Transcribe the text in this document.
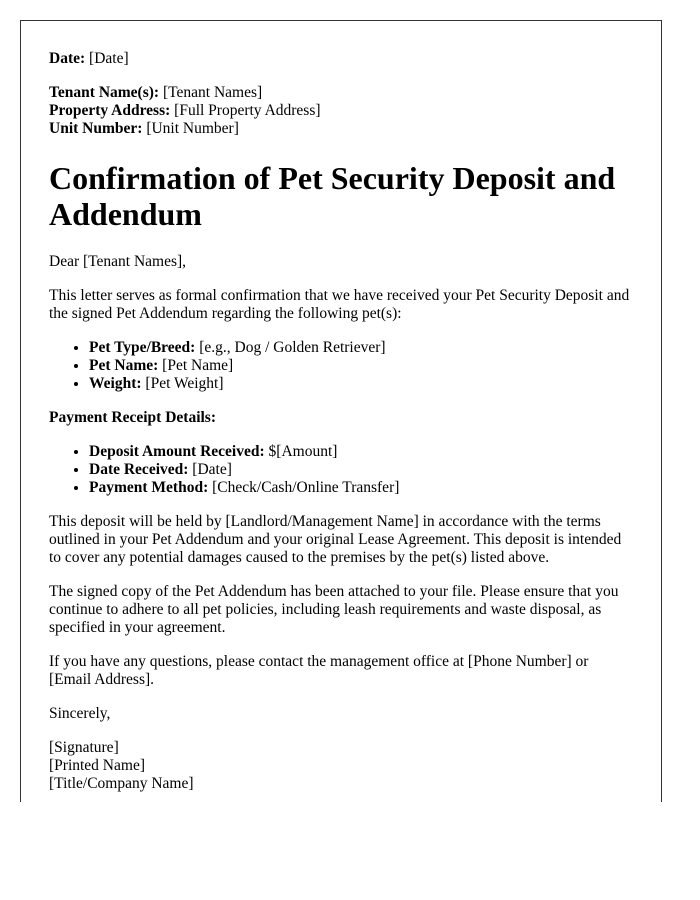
Date: [Date]

Tenant Name(s): [Tenant Names]
Property Address: [Full Property Address]
Unit Number: [Unit Number]

Confirmation of Pet Security Deposit and Addendum

Dear [Tenant Names],

This letter serves as formal confirmation that we have received your Pet Security Deposit and the signed Pet Addendum regarding the following pet(s):

• Pet Type/Breed: [e.g., Dog / Golden Retriever]
• Pet Name: [Pet Name]
• Weight: [Pet Weight]

Payment Receipt Details:

• Deposit Amount Received: $[Amount]
• Date Received: [Date]
• Payment Method: [Check/Cash/Online Transfer]

This deposit will be held by [Landlord/Management Name] in accordance with the terms outlined in your Pet Addendum and your original Lease Agreement. This deposit is intended to cover any potential damages caused to the premises by the pet(s) listed above.

The signed copy of the Pet Addendum has been attached to your file. Please ensure that you continue to adhere to all pet policies, including leash requirements and waste disposal, as specified in your agreement.

If you have any questions, please contact the management office at [Phone Number] or [Email Address].

Sincerely,

[Signature]
[Printed Name]
[Title/Company Name]
